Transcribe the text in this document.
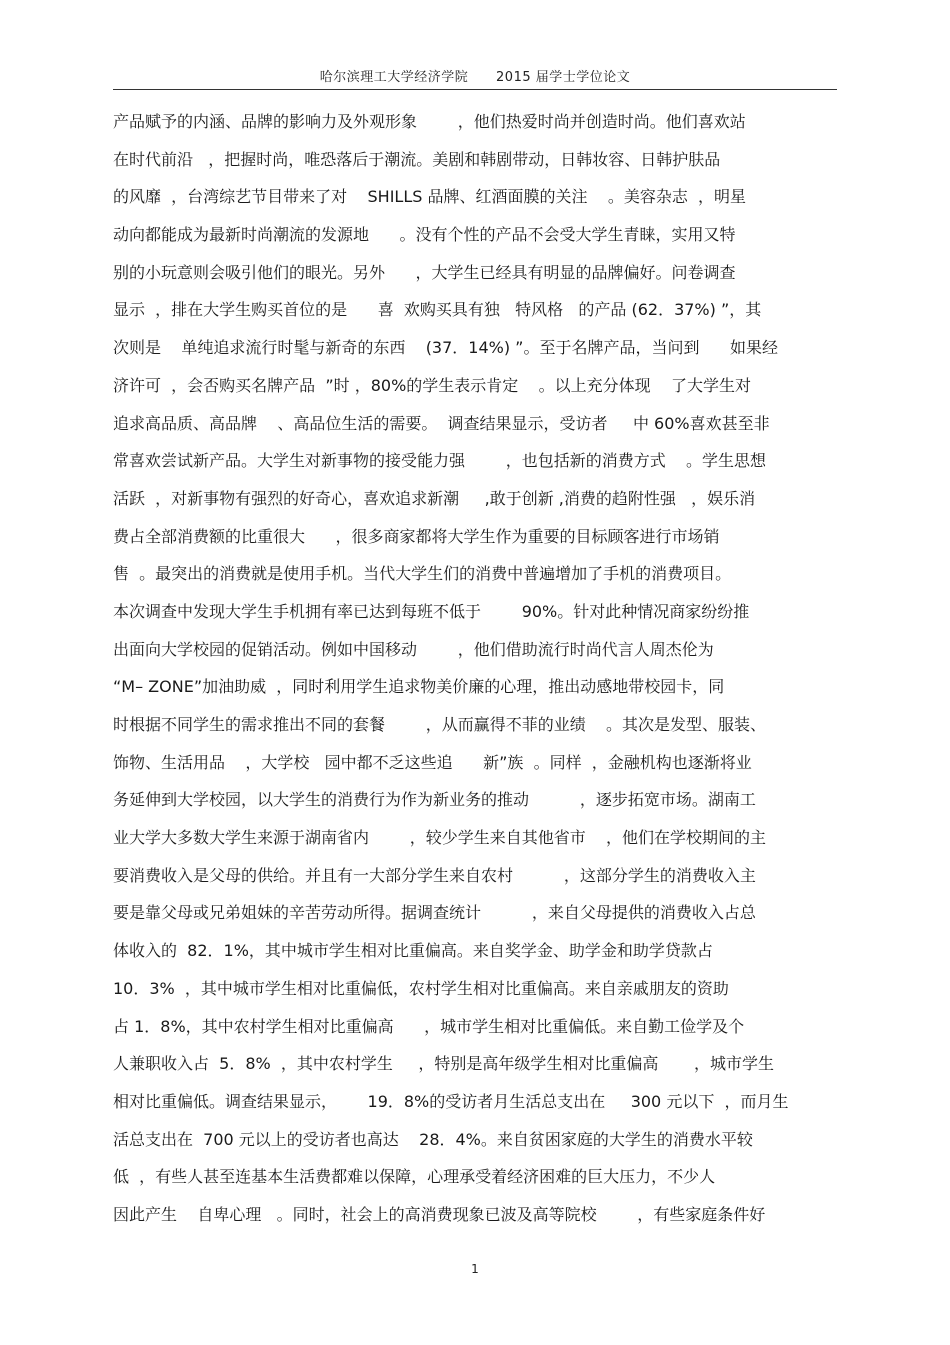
哈尔滨理工大学经济学院      2015 届学士学位论文
产品赋予的内涵、品牌的影响力及外观形象        ，他们热爱时尚并创造时尚。他们喜欢站
在时代前沿   ，把握时尚，唯恐落后于潮流。美剧和韩剧带动，日韩妆容、日韩护肤品
的风靡  ，台湾综艺节目带来了对    SHILLS 品牌、红酒面膜的关注    。美容杂志  ，明星
动向都能成为最新时尚潮流的发源地      。没有个性的产品不会受大学生青睐，实用又特
别的小玩意则会吸引他们的眼光。另外      ，大学生已经具有明显的品牌偏好。问卷调查
显示  ，排在大学生购买首位的是      喜  欢购买具有独   特风格   的产品 (62．37%) ”，其
次则是    单纯追求流行时髦与新奇的东西    (37．14%) ”。至于名牌产品，当问到      如果经
济许可  ，会否购买名牌产品  ”时 ，80%的学生表示肯定    。以上充分体现    了大学生对
追求高品质、高品牌    、高品位生活的需要。  调查结果显示，受访者     中 60%喜欢甚至非
常喜欢尝试新产品。大学生对新事物的接受能力强        ，也包括新的消费方式    。学生思想
活跃  ，对新事物有强烈的好奇心，喜欢追求新潮     ,敢于创新 ,消费的趋附性强   ，娱乐消
费占全部消费额的比重很大      ，很多商家都将大学生作为重要的目标顾客进行市场销
售  。最突出的消费就是使用手机。当代大学生们的消费中普遍增加了手机的消费项目。
本次调查中发现大学生手机拥有率已达到每班不低于        90%。针对此种情况商家纷纷推
出面向大学校园的促销活动。例如中国移动        ，他们借助流行时尚代言人周杰伦为
“M– ZONE”加油助威  ，同时利用学生追求物美价廉的心理，推出动感地带校园卡，同
时根据不同学生的需求推出不同的套餐        ，从而赢得不菲的业绩    。其次是发型、服装、
饰物、生活用品    ，大学校   园中都不乏这些追      新”族  。同样  ，金融机构也逐渐将业
务延伸到大学校园，以大学生的消费行为作为新业务的推动          ，逐步拓宽市场。湖南工
业大学大多数大学生来源于湖南省内        ，较少学生来自其他省市    ，他们在学校期间的主
要消费收入是父母的供给。并且有一大部分学生来自农村          ，这部分学生的消费收入主
要是靠父母或兄弟姐妹的辛苦劳动所得。据调查统计          ，来自父母提供的消费收入占总
体收入的  82．1%，其中城市学生相对比重偏高。来自奖学金、助学金和助学贷款占
10．3%  ，其中城市学生相对比重偏低，农村学生相对比重偏高。来自亲戚朋友的资助
占 1．8%，其中农村学生相对比重偏高      ，城市学生相对比重偏低。来自勤工俭学及个
人兼职收入占  5．8%  ，其中农村学生     ，特别是高年级学生相对比重偏高       ，城市学生
相对比重偏低。调查结果显示，      19．8%的受访者月生活总支出在     300 元以下  ，而月生
活总支出在  700 元以上的受访者也高达    28．4%。来自贫困家庭的大学生的消费水平较
低  ，有些人甚至连基本生活费都难以保障，心理承受着经济困难的巨大压力，不少人
因此产生    自卑心理   。同时，社会上的高消费现象已波及高等院校        ，有些家庭条件好
1
